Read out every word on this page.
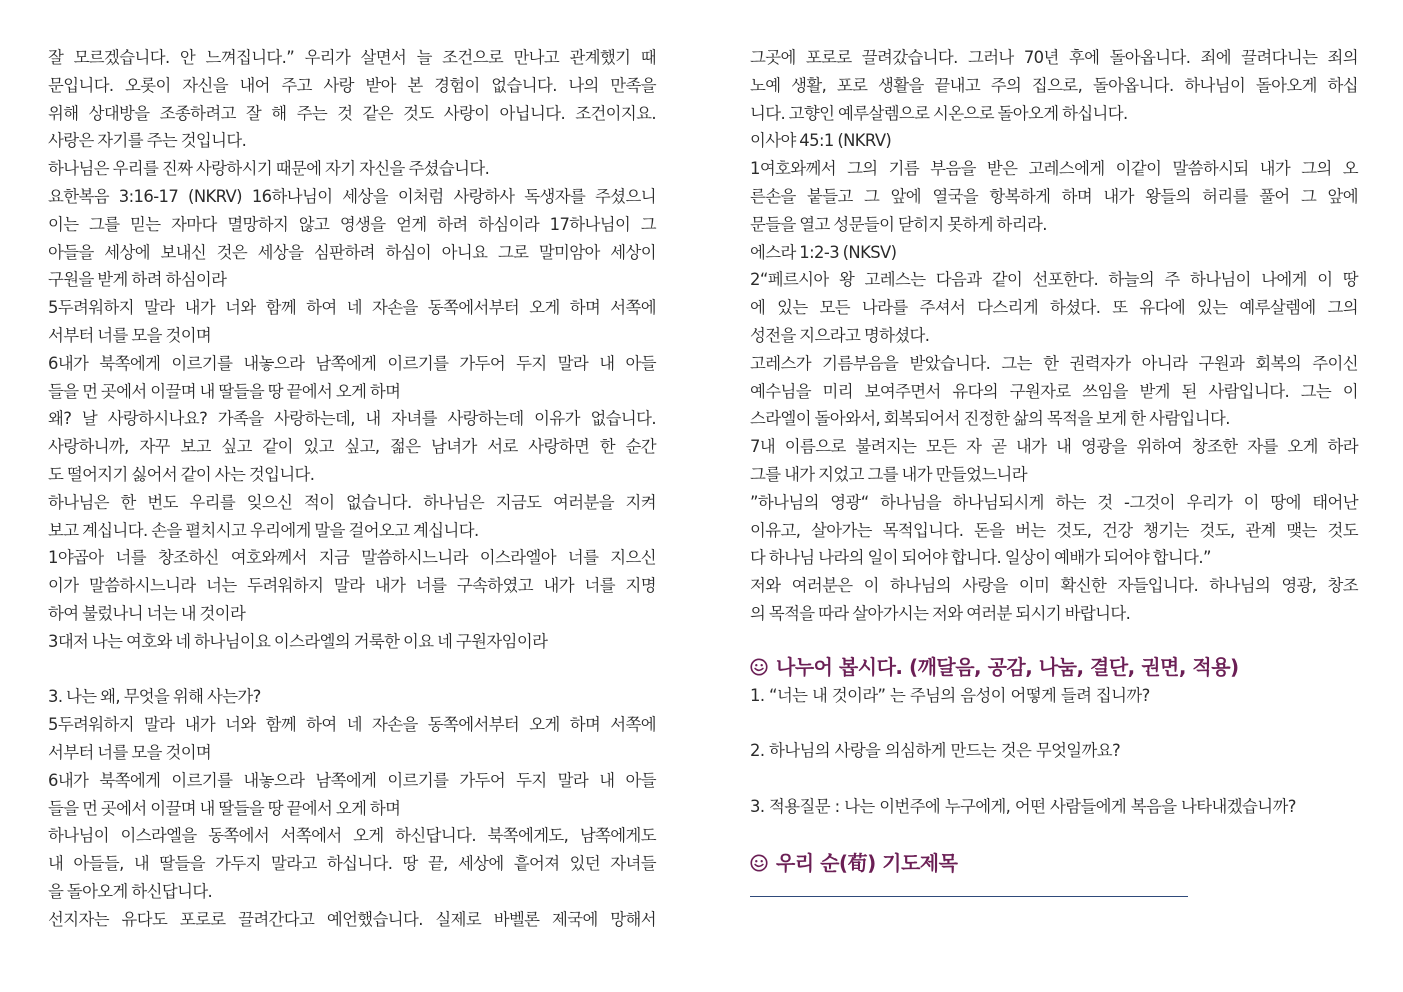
잘 모르겠습니다. 안 느껴집니다.” 우리가 살면서 늘 조건으로 만나고 관계했기 때
문입니다. 오롯이 자신을 내어 주고 사랑 받아 본 경험이 없습니다. 나의 만족을
위해 상대방을 조종하려고 잘 해 주는 것 같은 것도 사랑이 아닙니다. 조건이지요.
사랑은 자기를 주는 것입니다.
하나님은 우리를 진짜 사랑하시기 때문에 자기 자신을 주셨습니다.
요한복음 3:16-17 (NKRV) 16하나님이 세상을 이처럼 사랑하사 독생자를 주셨으니
이는 그를 믿는 자마다 멸망하지 않고 영생을 얻게 하려 하심이라 17하나님이 그
아들을 세상에 보내신 것은 세상을 심판하려 하심이 아니요 그로 말미암아 세상이
구원을 받게 하려 하심이라
5두려워하지 말라 내가 너와 함께 하여 네 자손을 동쪽에서부터 오게 하며 서쪽에
서부터 너를 모을 것이며
6내가 북쪽에게 이르기를 내놓으라 남쪽에게 이르기를 가두어 두지 말라 내 아들
들을 먼 곳에서 이끌며 내 딸들을 땅 끝에서 오게 하며
왜? 날 사랑하시나요? 가족을 사랑하는데, 내 자녀를 사랑하는데 이유가 없습니다.
사랑하니까, 자꾸 보고 싶고 같이 있고 싶고, 젊은 남녀가 서로 사랑하면 한 순간
도 떨어지기 싫어서 같이 사는 것입니다.
하나님은 한 번도 우리를 잊으신 적이 없습니다. 하나님은 지금도 여러분을 지켜
보고 계십니다. 손을 펼치시고 우리에게 말을 걸어오고 계십니다.
1야곱아 너를 창조하신 여호와께서 지금 말씀하시느니라 이스라엘아 너를 지으신
이가 말씀하시느니라 너는 두려워하지 말라 내가 너를 구속하였고 내가 너를 지명
하여 불렀나니 너는 내 것이라
3대저 나는 여호와 네 하나님이요 이스라엘의 거룩한 이요 네 구원자임이라
3. 나는 왜, 무엇을 위해 사는가?
5두려워하지 말라 내가 너와 함께 하여 네 자손을 동쪽에서부터 오게 하며 서쪽에
서부터 너를 모을 것이며
6내가 북쪽에게 이르기를 내놓으라 남쪽에게 이르기를 가두어 두지 말라 내 아들
들을 먼 곳에서 이끌며 내 딸들을 땅 끝에서 오게 하며
하나님이 이스라엘을 동쪽에서 서쪽에서 오게 하신답니다. 북쪽에게도, 남쪽에게도
내 아들들, 내 딸들을 가두지 말라고 하십니다. 땅 끝, 세상에 흩어져 있던 자녀들
을 돌아오게 하신답니다.
선지자는 유다도 포로로 끌려간다고 예언했습니다. 실제로 바벨론 제국에 망해서
그곳에 포로로 끌려갔습니다. 그러나 70년 후에 돌아옵니다. 죄에 끌려다니는 죄의
노예 생활, 포로 생활을 끝내고 주의 집으로, 돌아옵니다. 하나님이 돌아오게 하십
니다. 고향인 예루살렘으로 시온으로 돌아오게 하십니다.
이사야 45:1 (NKRV)
1여호와께서 그의 기름 부음을 받은 고레스에게 이같이 말씀하시되 내가 그의 오
른손을 붙들고 그 앞에 열국을 항복하게 하며 내가 왕들의 허리를 풀어 그 앞에
문들을 열고 성문들이 닫히지 못하게 하리라.
에스라 1:2-3 (NKSV)
2“페르시아 왕 고레스는 다음과 같이 선포한다. 하늘의 주 하나님이 나에게 이 땅
에 있는 모든 나라를 주셔서 다스리게 하셨다. 또 유다에 있는 예루살렘에 그의
성전을 지으라고 명하셨다.
고레스가 기름부음을 받았습니다. 그는 한 권력자가 아니라 구원과 회복의 주이신
예수님을 미리 보여주면서 유다의 구원자로 쓰임을 받게 된 사람입니다. 그는 이
스라엘이 돌아와서, 회복되어서 진정한 삶의 목적을 보게 한 사람입니다.
7내 이름으로 불려지는 모든 자 곧 내가 내 영광을 위하여 창조한 자를 오게 하라
그를 내가 지었고 그를 내가 만들었느니라
”하나님의 영광“ 하나님을 하나님되시게 하는 것 -그것이 우리가 이 땅에 태어난
이유고, 살아가는 목적입니다. 돈을 버는 것도, 건강 챙기는 것도, 관계 맺는 것도
다 하나님 나라의 일이 되어야 합니다. 일상이 예배가 되어야 합니다.”
저와 여러분은 이 하나님의 사랑을 이미 확신한 자들입니다. 하나님의 영광, 창조
의 목적을 따라 살아가시는 저와 여러분 되시기 바랍니다.
나누어 봅시다. (깨달음, 공감, 나눔, 결단, 권면, 적용)
1. “너는 내 것이라” 는 주님의 음성이 어떻게 들려 집니까?
2. 하나님의 사랑을 의심하게 만드는 것은 무엇일까요?
3. 적용질문 : 나는 이번주에 누구에게, 어떤 사람들에게 복음을 나타내겠습니까?
우리 순(荀) 기도제목
